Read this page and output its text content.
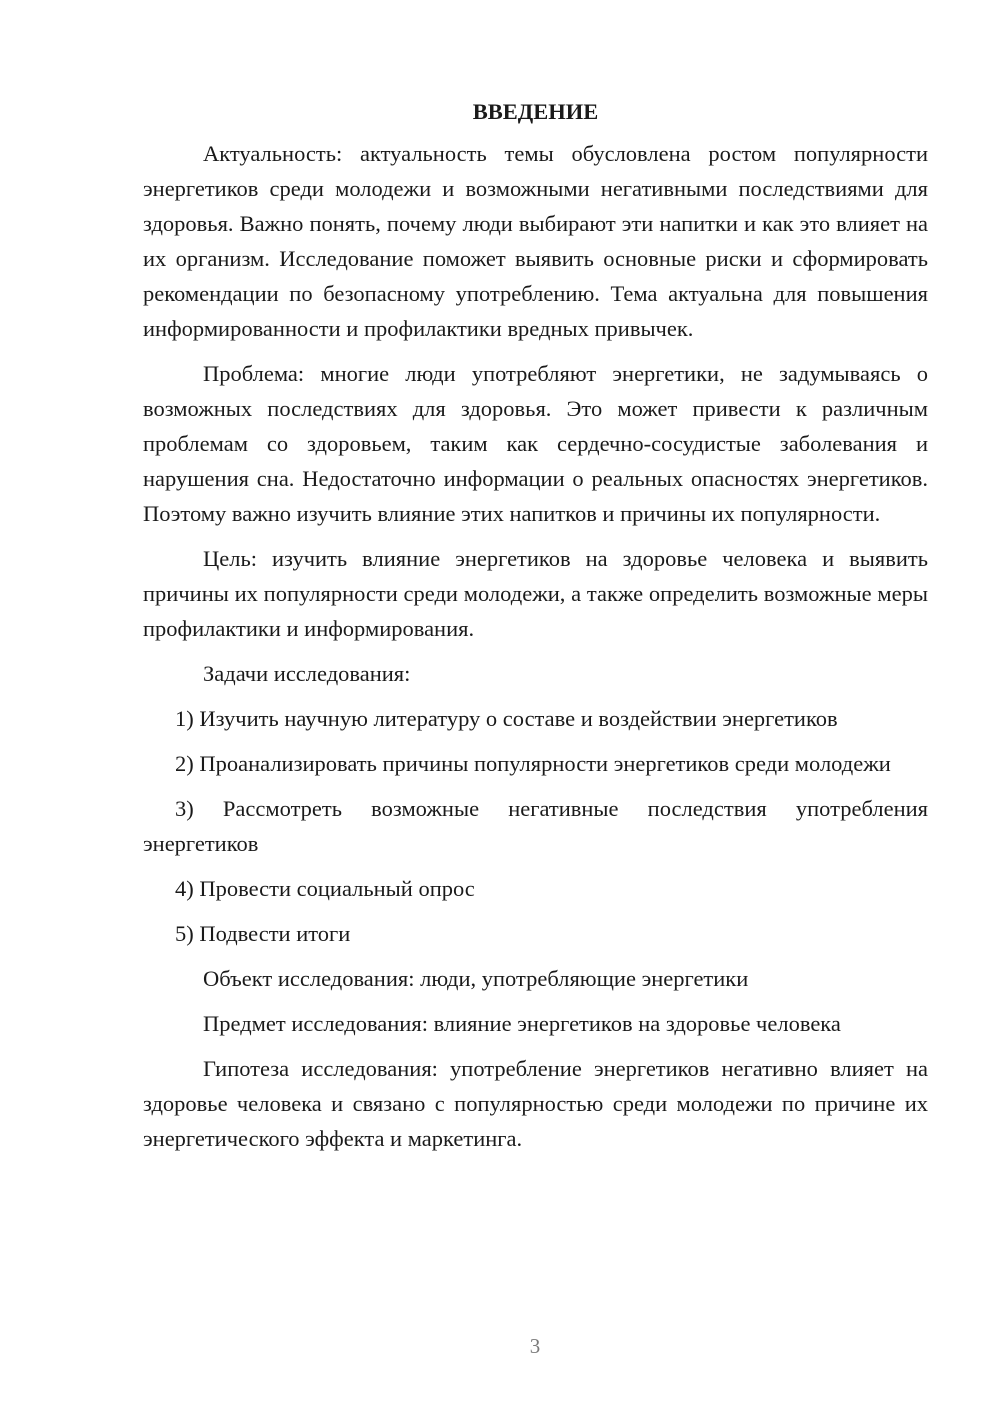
ВВЕДЕНИЕ

Актуальность: актуальность темы обусловлена ростом популярности энергетиков среди молодежи и возможными негативными последствиями для здоровья. Важно понять, почему люди выбирают эти напитки и как это влияет на их организм. Исследование поможет выявить основные риски и сформировать рекомендации по безопасному употреблению. Тема актуальна для повышения информированности и профилактики вредных привычек.

Проблема: многие люди употребляют энергетики, не задумываясь о возможных последствиях для здоровья. Это может привести к различным проблемам со здоровьем, таким как сердечно-сосудистые заболевания и нарушения сна. Недостаточно информации о реальных опасностях энергетиков. Поэтому важно изучить влияние этих напитков и причины их популярности.

Цель: изучить влияние энергетиков на здоровье человека и выявить причины их популярности среди молодежи, а также определить возможные меры профилактики и информирования.

Задачи исследования:

1) Изучить научную литературу о составе и воздействии энергетиков

2) Проанализировать причины популярности энергетиков среди молодежи

3) Рассмотреть возможные негативные последствия употребления энергетиков

4) Провести социальный опрос

5) Подвести итоги

Объект исследования: люди, употребляющие энергетики

Предмет исследования: влияние энергетиков на здоровье человека

Гипотеза исследования: употребление энергетиков негативно влияет на здоровье человека и связано с популярностью среди молодежи по причине их энергетического эффекта и маркетинга.

3
